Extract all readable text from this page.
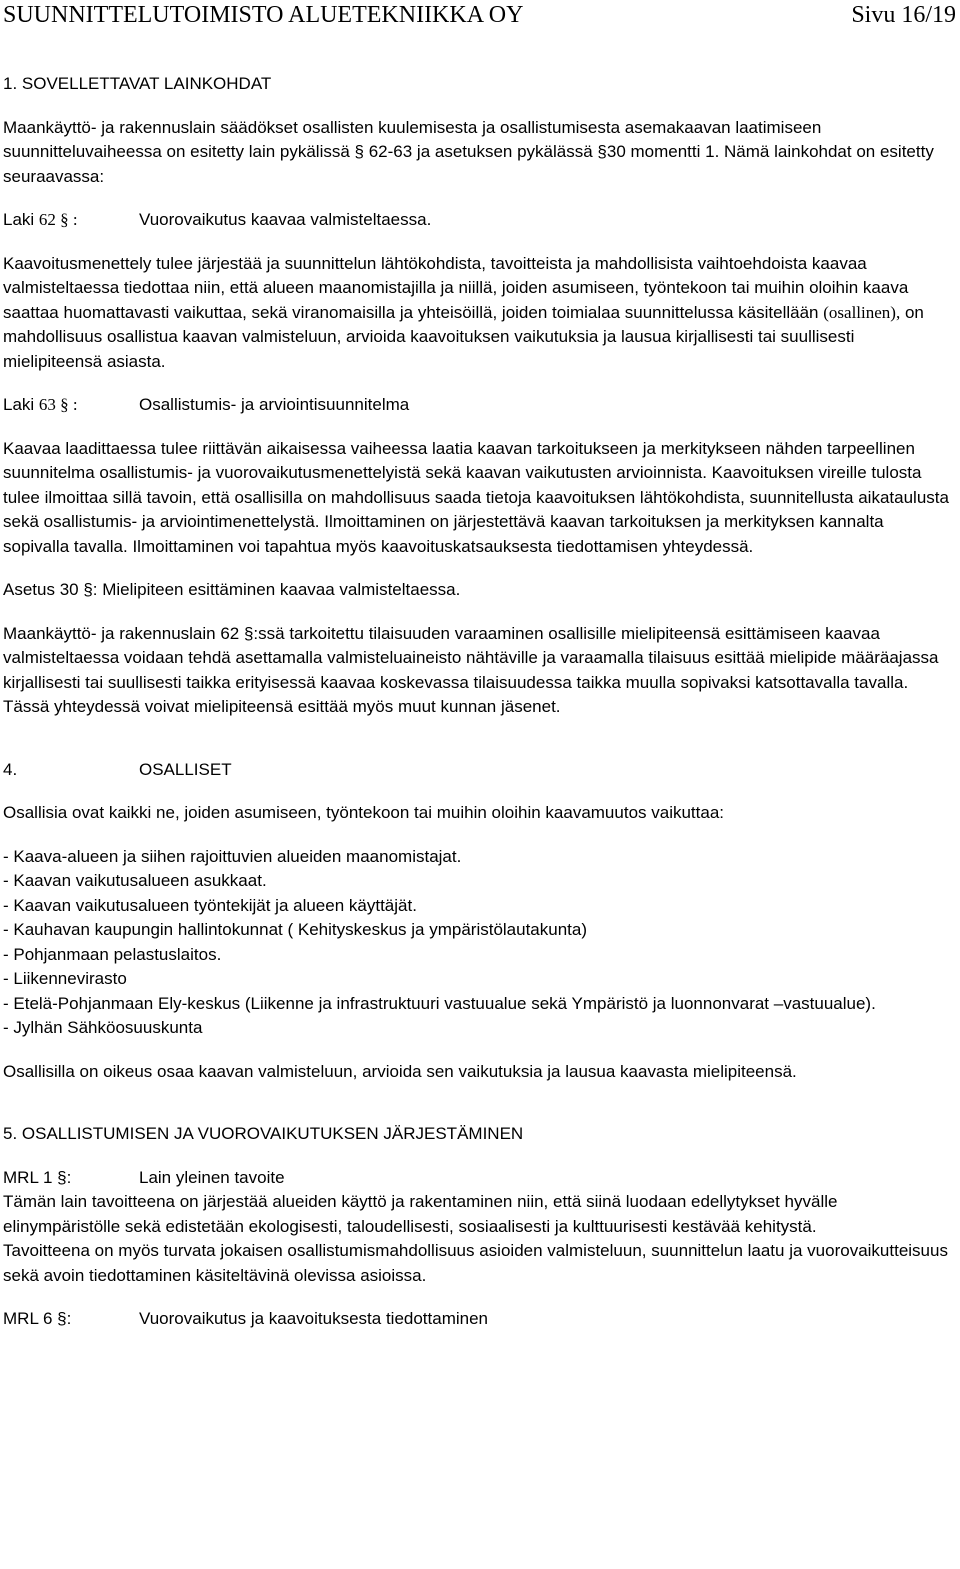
SUUNNITTELUTOIMISTO ALUETEKNIIKKA OY	Sivu 16/19

1. SOVELLETTAVAT LAINKOHDAT

Maankäyttö- ja rakennuslain säädökset osallisten kuulemisesta ja osallistumisesta asemakaavan laatimiseen suunnitteluvaiheessa on esitetty lain pykälissä § 62-63 ja asetuksen pykälässä §30 momentti 1. Nämä lainkohdat on esitetty seuraavassa:

Laki 62 § :	Vuorovaikutus kaavaa valmisteltaessa.

Kaavoitusmenettely tulee järjestää ja suunnittelun lähtökohdista, tavoitteista ja mahdollisista vaihtoehdoista kaavaa valmisteltaessa tiedottaa niin, että alueen maanomistajilla ja niillä, joiden asumiseen, työntekoon tai muihin oloihin kaava saattaa huomattavasti vaikuttaa, sekä viranomaisilla ja yhteisöillä, joiden toimialaa suunnittelussa käsitellään (osallinen), on mahdollisuus osallistua kaavan valmisteluun, arvioida kaavoituksen vaikutuksia ja lausua kirjallisesti tai suullisesti mielipiteensä asiasta.

Laki 63 § :	Osallistumis- ja arviointisuunnitelma

Kaavaa laadittaessa tulee riittävän aikaisessa vaiheessa laatia kaavan tarkoitukseen ja merkitykseen nähden tarpeellinen suunnitelma osallistumis- ja vuorovaikutusmenettelyistä sekä kaavan vaikutusten arvioinnista. Kaavoituksen vireille tulosta tulee ilmoittaa sillä tavoin, että osallisilla on mahdollisuus saada tietoja kaavoituksen lähtökohdista, suunnitellusta aikataulusta sekä osallistumis- ja arviointimenettelystä. Ilmoittaminen on järjestettävä kaavan tarkoituksen ja merkityksen kannalta sopivalla tavalla. Ilmoittaminen voi tapahtua myös kaavoituskatsauksesta tiedottamisen yhteydessä.

Asetus 30 §: Mielipiteen esittäminen kaavaa valmisteltaessa.

Maankäyttö- ja rakennuslain 62 §:ssä tarkoitettu tilaisuuden varaaminen osallisille mielipiteensä esittämiseen kaavaa valmisteltaessa voidaan tehdä asettamalla valmisteluaineisto nähtäville ja varaamalla tilaisuus esittää mielipide määräajassa kirjallisesti tai suullisesti taikka erityisessä kaavaa koskevassa tilaisuudessa taikka muulla sopivaksi katsottavalla tavalla. Tässä yhteydessä voivat mielipiteensä esittää myös muut kunnan jäsenet.

4.	OSALLISET

Osallisia ovat kaikki ne, joiden asumiseen, työntekoon tai muihin oloihin kaavamuutos vaikuttaa:

- Kaava-alueen ja siihen rajoittuvien alueiden maanomistajat.

- Kaavan vaikutusalueen asukkaat.

- Kaavan vaikutusalueen työntekijät ja alueen käyttäjät.

- Kauhavan kaupungin hallintokunnat ( Kehityskeskus ja ympäristölautakunta)

- Pohjanmaan pelastuslaitos.

- Liikennevirasto

- Etelä-Pohjanmaan Ely-keskus (Liikenne ja infrastruktuuri vastuualue sekä Ympäristö ja luonnonvarat –vastuualue).

- Jylhän Sähköosuuskunta

Osallisilla on oikeus osaa kaavan valmisteluun, arvioida sen vaikutuksia ja lausua kaavasta mielipiteensä.

5. OSALLISTUMISEN JA VUOROVAIKUTUKSEN JÄRJESTÄMINEN

MRL 1 §:	Lain yleinen tavoite

Tämän lain tavoitteena on järjestää alueiden käyttö ja rakentaminen niin, että siinä luodaan edellytykset hyvälle elinympäristölle sekä edistetään ekologisesti, taloudellisesti, sosiaalisesti ja kulttuurisesti kestävää kehitystä.

Tavoitteena on myös turvata jokaisen osallistumismahdollisuus asioiden valmisteluun, suunnittelun laatu ja vuorovaikutteisuus sekä avoin tiedottaminen käsiteltävinä olevissa asioissa.

MRL 6 §:	Vuorovaikutus ja kaavoituksesta tiedottaminen
